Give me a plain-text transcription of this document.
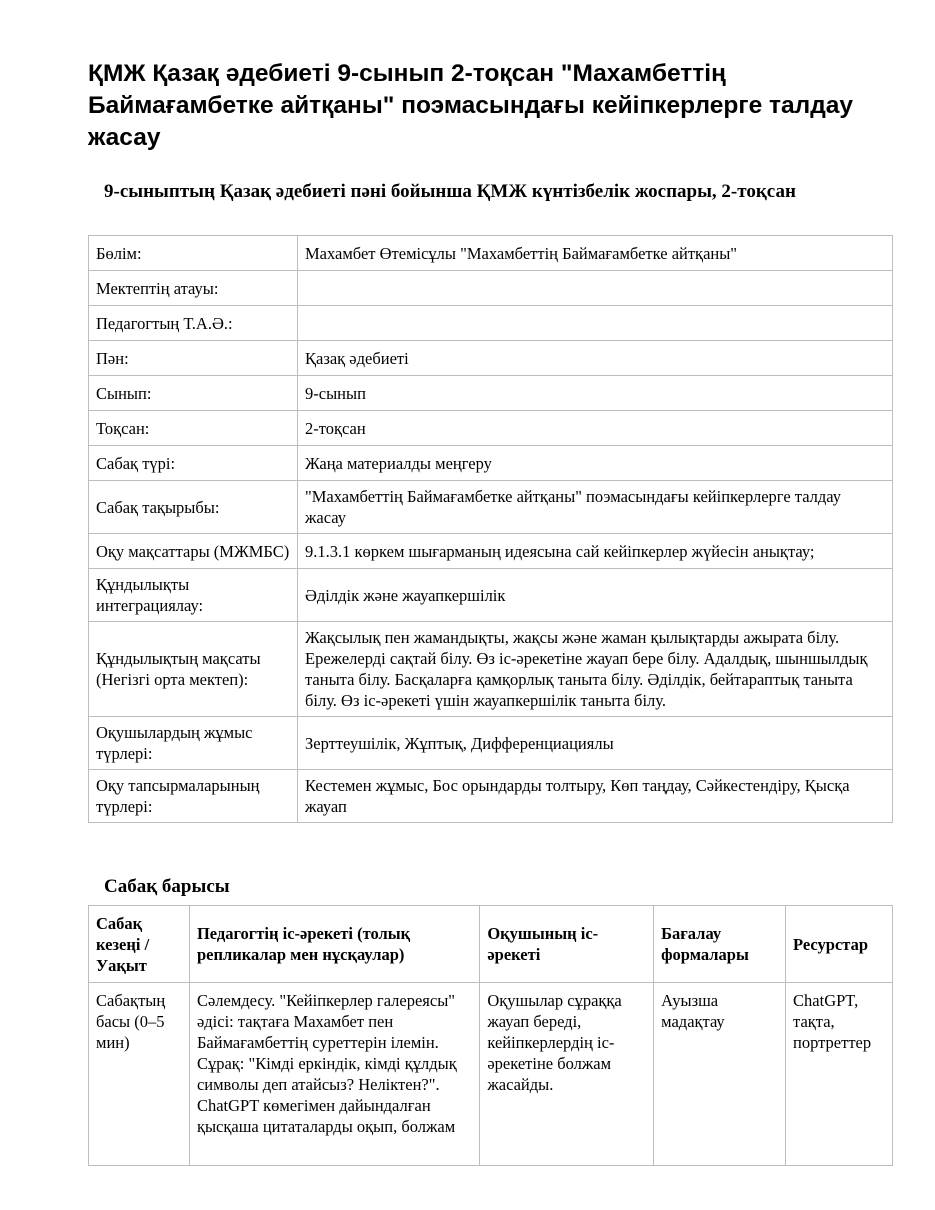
ҚМЖ Қазақ әдебиеті 9-сынып 2-тоқсан "Махамбеттің Баймағамбетке айтқаны" поэмасындағы кейіпкерлерге талдау жасау
9-сыныптың Қазақ әдебиеті пәні бойынша ҚМЖ күнтізбелік жоспары, 2-тоқсан
Бөлім:	Махамбет Өтемісұлы "Махамбеттің Баймағамбетке айтқаны"
Мектептің атауы:	
Педагогтың Т.А.Ә.:	
Пән:	Қазақ әдебиеті
Сынып:	9-сынып
Тоқсан:	2-тоқсан
Сабақ түрі:	Жаңа материалды меңгеру
Сабақ тақырыбы:	"Махамбеттің Баймағамбетке айтқаны" поэмасындағы кейіпкерлерге талдау жасау
Оқу мақсаттары (МЖМБС)	9.1.3.1 көркем шығарманың идеясына сай кейіпкерлер жүйесін анықтау;
Құндылықты интеграциялау:	Әділдік және жауапкершілік
Құндылықтың мақсаты (Негізгі орта мектеп):	Жақсылық пен жамандықты, жақсы және жаман қылықтарды ажырата білу. Ережелерді сақтай білу. Өз іс-әрекетіне жауап бере білу. Адалдық, шыншылдық таныта білу. Басқаларға қамқорлық таныта білу. Әділдік, бейтараптық таныта білу. Өз іс-әрекеті үшін жауапкершілік таныта білу.
Оқушылардың жұмыс түрлері:	Зерттеушілік, Жұптық, Дифференциациялы
Оқу тапсырмаларының түрлері:	Кестемен жұмыс, Бос орындарды толтыру, Көп таңдау, Сәйкестендіру, Қысқа жауап
Сабақ барысы
Сабақ кезеңі / Уақыт	Педагогтің іс-әрекеті (толық репликалар мен нұсқаулар)	Оқушының іс-әрекеті	Бағалау формалары	Ресурстар
Сабақтың басы (0–5 мин)	Сәлемдесу. "Кейіпкерлер галереясы" әдісі: тақтаға Махамбет пен Баймағамбеттің суреттерін ілемін. Сұрақ: "Кімді еркіндік, кімді құлдық символы деп атайсыз? Неліктен?". ChatGPT көмегімен дайындалған қысқаша цитаталарды оқып, болжам	Оқушылар сұраққа жауап береді, кейіпкерлердің іс-әрекетіне болжам жасайды.	Ауызша мадақтау	ChatGPT, тақта, портреттер
